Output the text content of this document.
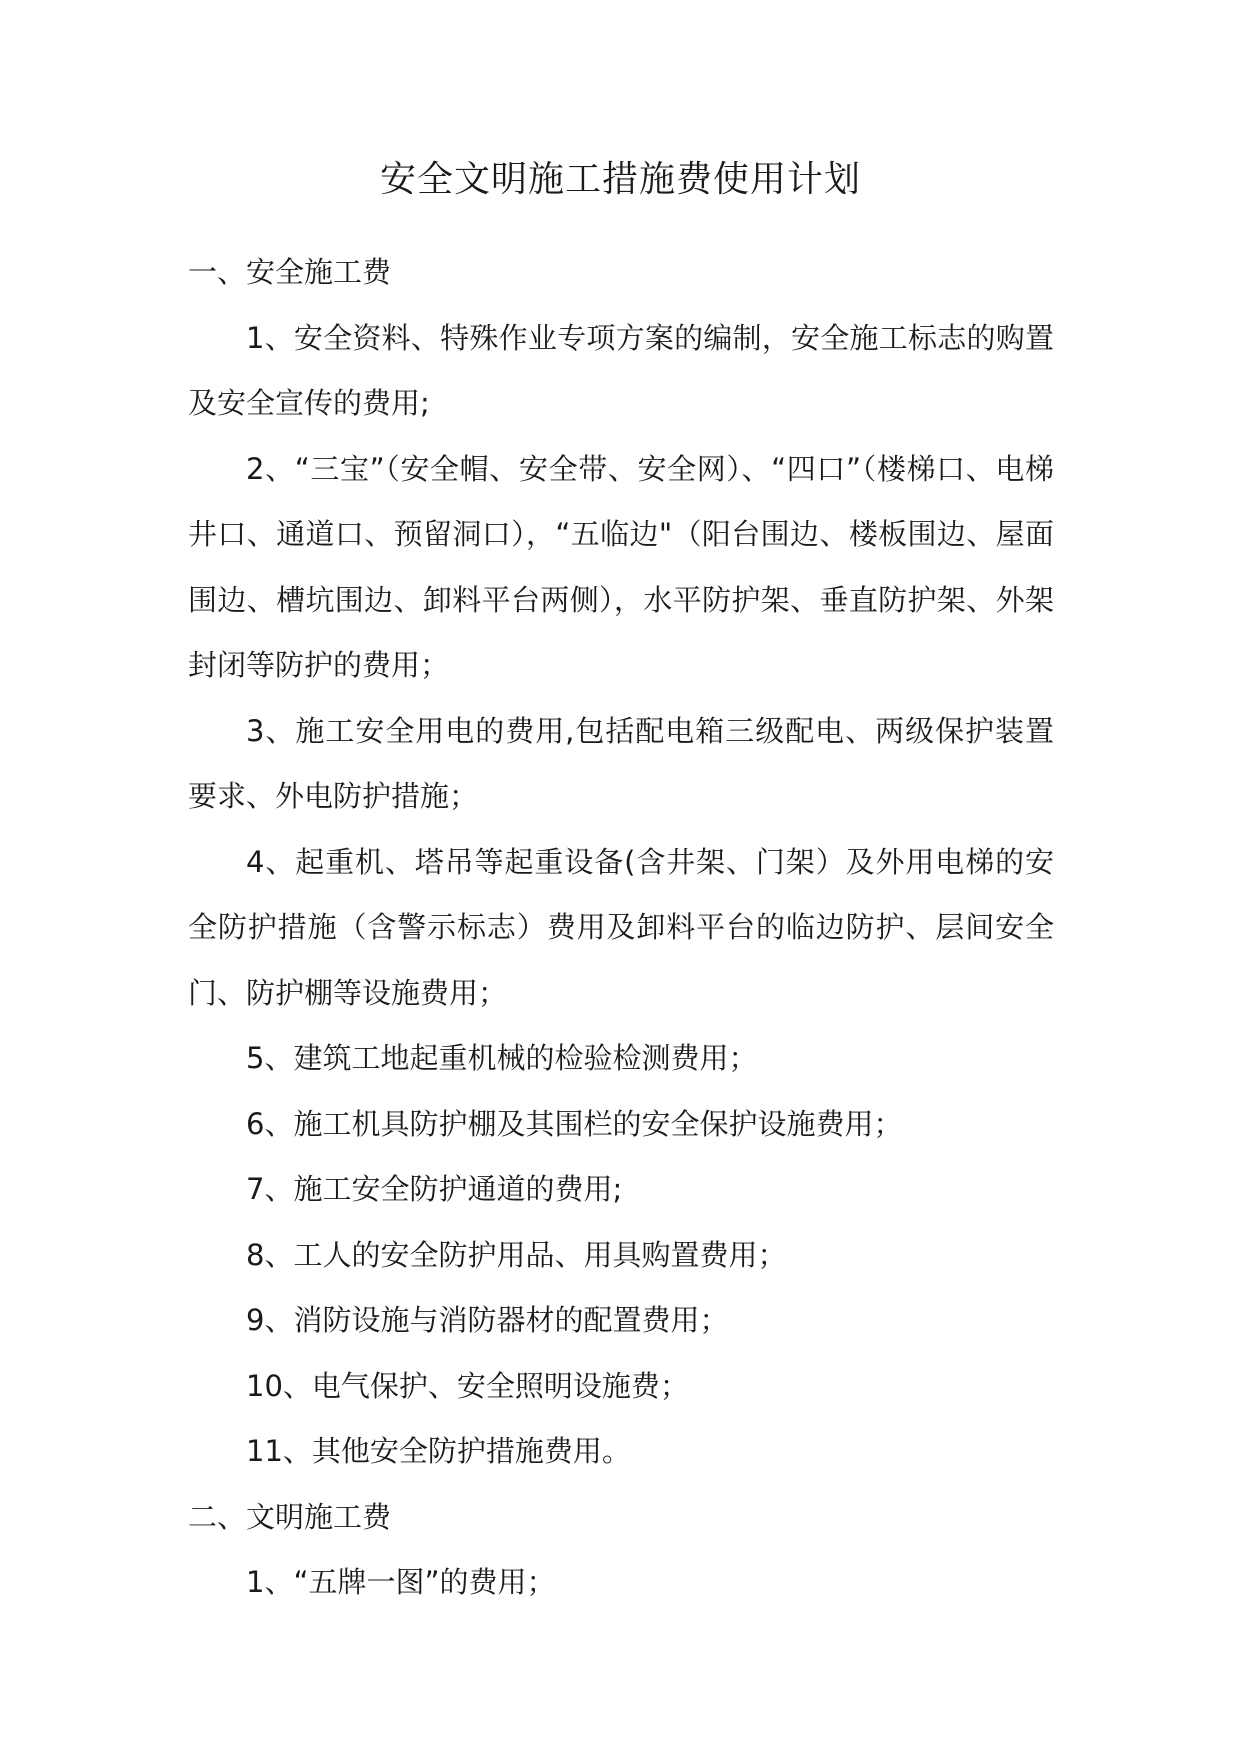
安全文明施工措施费使用计划
一、安全施工费

1、安全资料、特殊作业专项方案的编制，安全施工标志的购置及安全宣传的费用;

2、“三宝”（安全帽、安全带、安全网）、“四口”（楼梯口、电梯井口、通道口、预留洞口），“五临边"（阳台围边、楼板围边、屋面围边、槽坑围边、卸料平台两侧），水平防护架、垂直防护架、外架封闭等防护的费用；

3、施工安全用电的费用,包括配电箱三级配电、两级保护装置要求、外电防护措施；

4、起重机、塔吊等起重设备(含井架、门架）及外用电梯的安全防护措施（含警示标志）费用及卸料平台的临边防护、层间安全门、防护棚等设施费用；

5、建筑工地起重机械的检验检测费用；

6、施工机具防护棚及其围栏的安全保护设施费用；

7、施工安全防护通道的费用;

8、工人的安全防护用品、用具购置费用；

9、消防设施与消防器材的配置费用；

10、电气保护、安全照明设施费；

11、其他安全防护措施费用。

二、文明施工费

1、“五牌一图”的费用；
